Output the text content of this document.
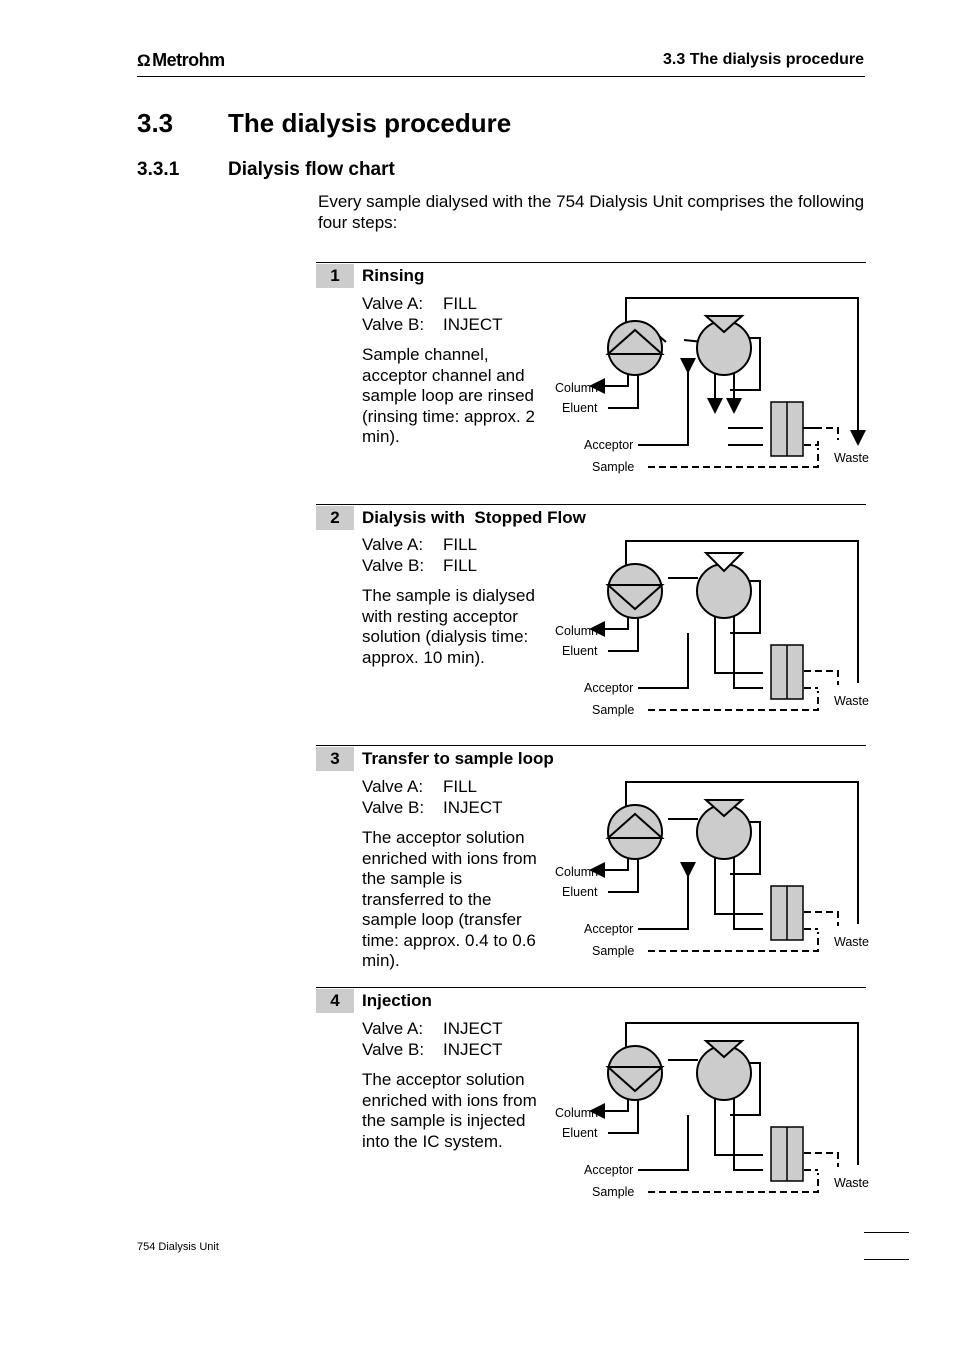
Ω Metrohm	3.3 The dialysis procedure
3.3 The dialysis procedure
3.3.1	Dialysis flow chart
Every sample dialysed with the 754 Dialysis Unit comprises the following four steps:
1	Rinsing
Valve A: FILL
Valve B: INJECT
Sample channel, acceptor channel and sample loop are rinsed (rinsing time: approx. 2 min).
2	Dialysis with  Stopped Flow
Valve A: FILL
Valve B: FILL
The sample is dialysed with resting acceptor solution (dialysis time: approx. 10 min).
3	Transfer to sample loop
Valve A: FILL
Valve B: INJECT
The acceptor solution enriched with ions from the sample is transferred to the sample loop (transfer time: approx. 0.4 to 0.6 min).
4	Injection
Valve A: INJECT
Valve B: INJECT
The acceptor solution enriched with ions from the sample is injected into the IC system.
Column
Eluent
Acceptor
Sample
Waste
Column
Eluent
Acceptor
Sample
Waste
Column
Eluent
Acceptor
Sample
Waste
Column
Eluent
Acceptor
Sample
Waste
754 Dialysis Unit
